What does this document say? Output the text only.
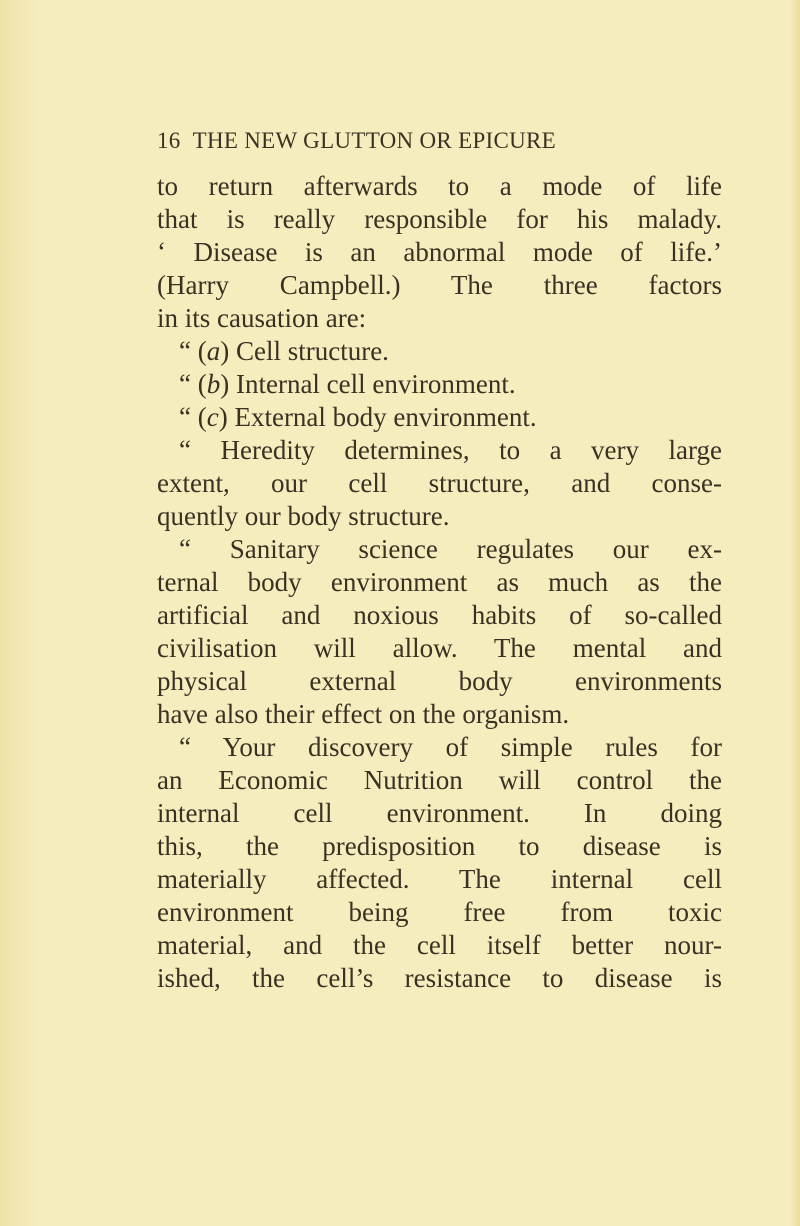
16 THE NEW GLUTTON OR EPICURE
to return afterwards to a mode of life
that is really responsible for his malady.
‘ Disease is an abnormal mode of life.’
(Harry Campbell.) The three factors
in its causation are:
“ (a) Cell structure.
“ (b) Internal cell environment.
“ (c) External body environment.
“ Heredity determines, to a very large
extent, our cell structure, and conse-
quently our body structure.
“ Sanitary science regulates our ex-
ternal body environment as much as the
artificial and noxious habits of so-called
civilisation will allow. The mental and
physical external body environments
have also their effect on the organism.
“ Your discovery of simple rules for
an Economic Nutrition will control the
internal cell environment. In doing
this, the predisposition to disease is
materially affected. The internal cell
environment being free from toxic
material, and the cell itself better nour-
ished, the cell’s resistance to disease is
